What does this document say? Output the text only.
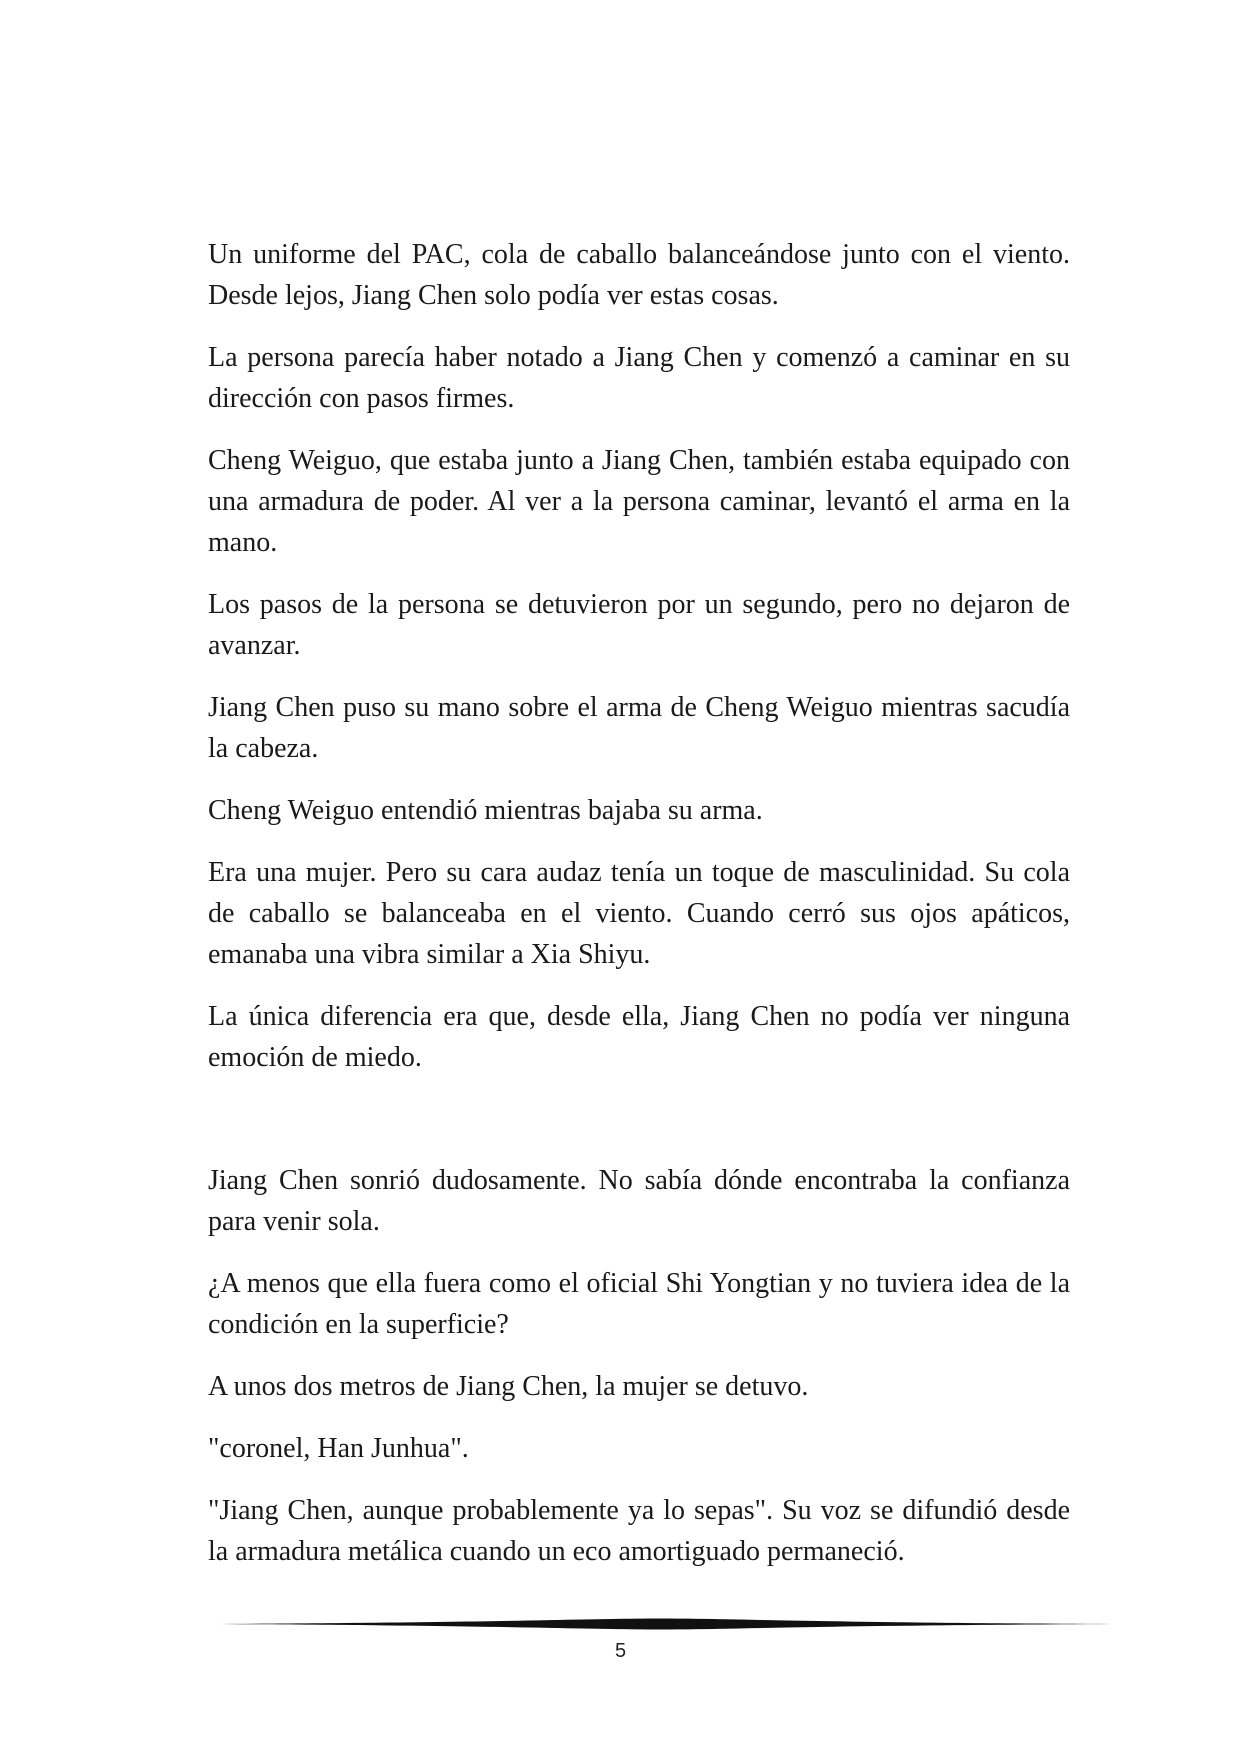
Un uniforme del PAC, cola de caballo balanceándose junto con el viento. Desde lejos, Jiang Chen solo podía ver estas cosas.

La persona parecía haber notado a Jiang Chen y comenzó a caminar en su dirección con pasos firmes.

Cheng Weiguo, que estaba junto a Jiang Chen, también estaba equipado con una armadura de poder. Al ver a la persona caminar, levantó el arma en la mano.

Los pasos de la persona se detuvieron por un segundo, pero no dejaron de avanzar.

Jiang Chen puso su mano sobre el arma de Cheng Weiguo mientras sacudía la cabeza.

Cheng Weiguo entendió mientras bajaba su arma.

Era una mujer. Pero su cara audaz tenía un toque de masculinidad. Su cola de caballo se balanceaba en el viento. Cuando cerró sus ojos apáticos, emanaba una vibra similar a Xia Shiyu.

La única diferencia era que, desde ella, Jiang Chen no podía ver ninguna emoción de miedo.

Jiang Chen sonrió dudosamente. No sabía dónde encontraba la confianza para venir sola.

¿A menos que ella fuera como el oficial Shi Yongtian y no tuviera idea de la condición en la superficie?

A unos dos metros de Jiang Chen, la mujer se detuvo.

"coronel, Han Junhua".

"Jiang Chen, aunque probablemente ya lo sepas". Su voz se difundió desde la armadura metálica cuando un eco amortiguado permaneció.

5
